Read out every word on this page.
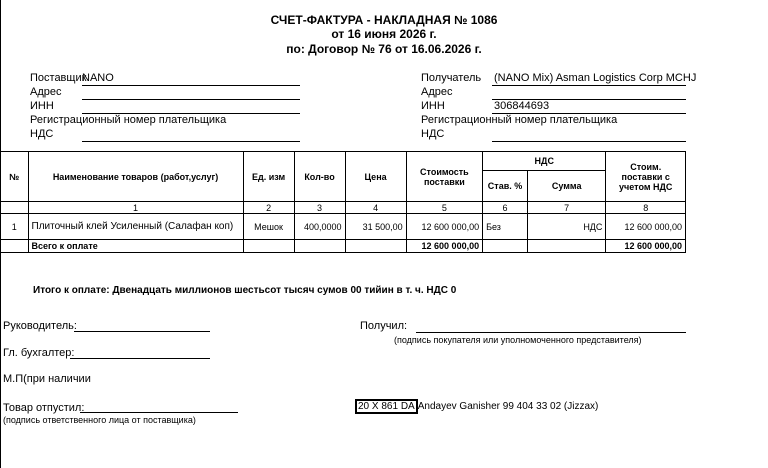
СЧЕТ-ФАКТУРА - НАКЛАДНАЯ № 1086
от 16 июня 2026 г.
по: Договор № 76 от 16.06.2026 г.
Поставщик
NANO
Адрес
ИНН
Регистрационный номер плательщика
НДС
Получатель (NANO Mix) Asman Logistics Corp MCHJ
Адрес
ИНН	306844693
Регистрационный номер плательщика
НДС
№	Наименование товаров (работ,услуг)	Ед. изм	Кол-во	Цена	Стоимость поставки	НДС		Стоим. поставки с учетом НДС
						Став. %	Сумма	
	1	2	3	4	5	6	7	8
1	Плиточный клей Усиленный (Салафан коп)	Мешок	400,0000	31 500,00	12 600 000,00	Без	НДС	12 600 000,00
	Всего к оплате				12 600 000,00			12 600 000,00
Итого к оплате: Двенадцать миллионов шестьсот тысяч сумов 00 тийин в т. ч. НДС 0
Руководитель:
Гл. бухгалтер:
М.П(при наличии
Товар отпустил:
(подпись ответственного лица от поставщика)
Получил:
(подпись покупателя или уполномоченного представителя)
20 X 861 DA Andayev Ganisher 99 404 33 02 (Jizzax)
